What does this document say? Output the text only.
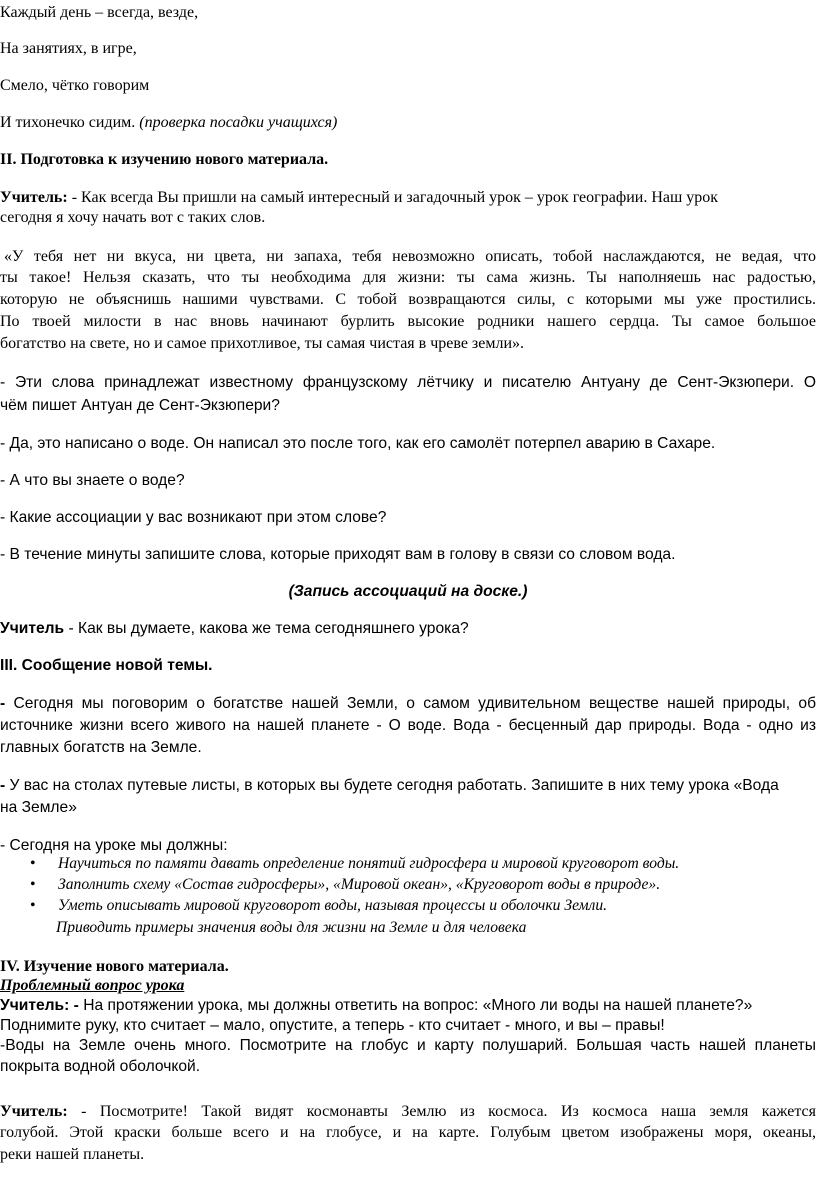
Каждый день – всегда, везде,
На занятиях, в игре,
Смело, чётко говорим
И тихонечко сидим. (проверка посадки учащихся)
II. Подготовка к изучению нового материала.
Учитель: - Как всегда Вы пришли на самый интересный и загадочный урок – урок географии. Наш урок
сегодня я хочу начать вот с таких слов.
«У тебя нет ни вкуса, ни цвета, ни запаха, тебя невозможно описать, тобой наслаждаются, не ведая, что
ты такое! Нельзя сказать, что ты необходима для жизни: ты сама жизнь. Ты наполняешь нас радостью,
которую не объяснишь нашими чувствами. С тобой возвращаются силы, с которыми мы уже простились.
По твоей милости в нас вновь начинают бурлить высокие родники нашего сердца. Ты самое большое
богатство на свете, но и самое прихотливое, ты самая чистая в чреве земли».
- Эти слова принадлежат известному французскому лётчику и писателю Антуану де Сент-Экзюпери. О
чём пишет Антуан де Сент-Экзюпери?
- Да, это написано о воде. Он написал это после того, как его самолёт потерпел аварию в Сахаре.
- А что вы знаете о воде?
- Какие ассоциации у вас возникают при этом слове?
- В течение минуты запишите слова, которые приходят вам в голову в связи со словом вода.
(Запись ассоциаций на доске.)
Учитель - Как вы думаете, какова же тема сегодняшнего урока?
III. Сообщение новой темы.
- Сегодня мы поговорим о богатстве нашей Земли, о самом удивительном веществе нашей природы, об
источнике жизни всего живого на нашей планете - О воде. Вода - бесценный дар природы. Вода - одно из
главных богатств на Земле.
- У вас на столах путевые листы, в которых вы будете сегодня работать. Запишите в них тему урока «Вода
на Земле»
- Сегодня на уроке мы должны:
• Научиться по памяти давать определение понятий гидросфера и мировой круговорот воды.
• Заполнить схему «Состав гидросферы», «Мировой океан», «Круговорот воды в природе».
• Уметь описывать мировой круговорот воды, называя процессы и оболочки Земли.
Приводить примеры значения воды для жизни на Земле и для человека
IV. Изучение нового материала.
Проблемный вопрос урока
Учитель: - На протяжении урока, мы должны ответить на вопрос: «Много ли воды на нашей планете?»
Поднимите руку, кто считает – мало, опустите, а теперь - кто считает - много, и вы – правы!
-Воды на Земле очень много. Посмотрите на глобус и карту полушарий. Большая часть нашей планеты
покрыта водной оболочкой.
Учитель: - Посмотрите! Такой видят космонавты Землю из космоса. Из космоса наша земля кажется
голубой. Этой краски больше всего и на глобусе, и на карте. Голубым цветом изображены моря, океаны,
реки нашей планеты.
